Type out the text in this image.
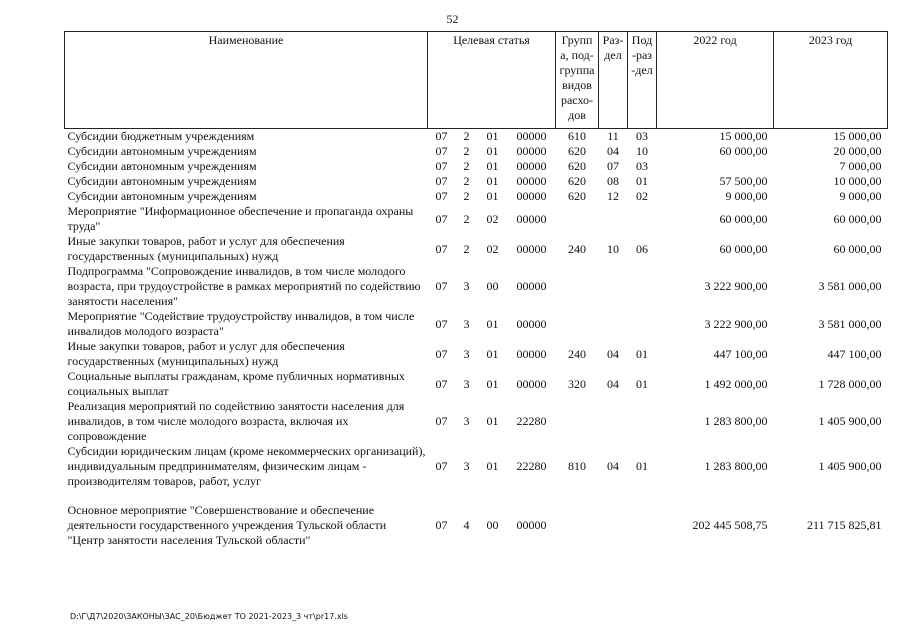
52
Наименование	Целевая статья				Группа, под-группа видов расхо-дов	Раз-дел	Под-раз-дел	2022 год	2023 год
Субсидии бюджетным учреждениям	07	2	01	00000	610	11	03	15 000,00	15 000,00
Субсидии автономным учреждениям	07	2	01	00000	620	04	10	60 000,00	20 000,00
Субсидии автономным учреждениям	07	2	01	00000	620	07	03		7 000,00
Субсидии автономным учреждениям	07	2	01	00000	620	08	01	57 500,00	10 000,00
Субсидии автономным учреждениям	07	2	01	00000	620	12	02	9 000,00	9 000,00
Мероприятие "Информационное обеспечение и пропаганда охраны труда"	07	2	02	00000				60 000,00	60 000,00
Иные закупки товаров, работ и услуг для обеспечения государственных (муниципальных) нужд	07	2	02	00000	240	10	06	60 000,00	60 000,00
Подпрограмма "Сопровождение инвалидов, в том числе молодого возраста, при трудоустройстве в рамках мероприятий по содействию занятости населения"	07	3	00	00000				3 222 900,00	3 581 000,00
Мероприятие "Содействие трудоустройству инвалидов, в том числе инвалидов молодого возраста"	07	3	01	00000				3 222 900,00	3 581 000,00
Иные закупки товаров, работ и услуг для обеспечения государственных (муниципальных) нужд	07	3	01	00000	240	04	01	447 100,00	447 100,00
Социальные выплаты гражданам, кроме публичных нормативных социальных выплат	07	3	01	00000	320	04	01	1 492 000,00	1 728 000,00
Реализация мероприятий по содействию занятости населения для инвалидов, в том числе молодого возраста, включая их сопровождение	07	3	01	22280				1 283 800,00	1 405 900,00
Субсидии юридическим лицам (кроме некоммерческих организаций), индивидуальным предпринимателям, физическим лицам - производителям товаров, работ, услуг	07	3	01	22280	810	04	01	1 283 800,00	1 405 900,00

Основное мероприятие "Совершенствование и обеспечение деятельности государственного учреждения Тульской области "Центр занятости населения Тульской области"	07	4	00	00000				202 445 508,75	211 715 825,81
D:\Г\Д7\2020\ЗАКОНЫ\ЗАС_20\Бюджет ТО 2021-2023_3 чт\pr17.xls
